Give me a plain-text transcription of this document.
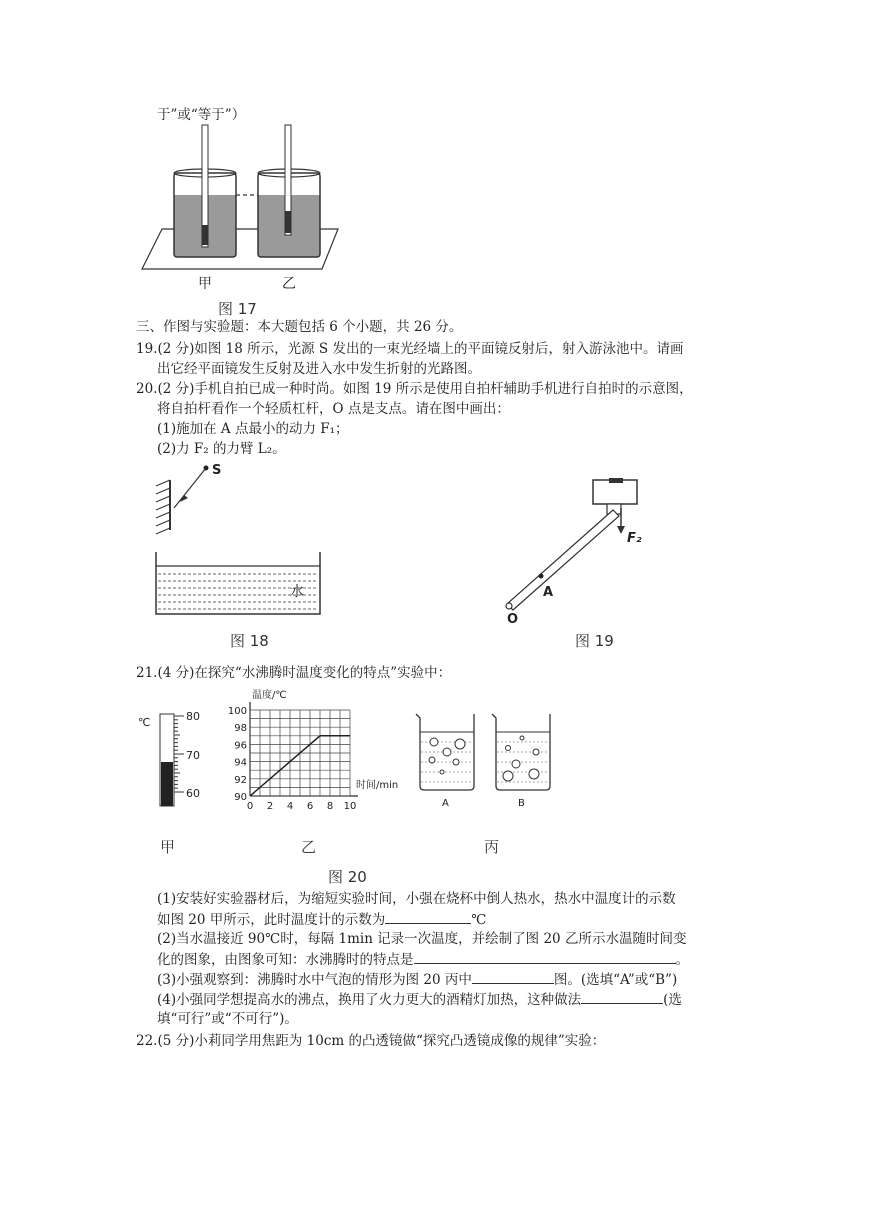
于”或“等于”）
甲	乙
图 17
三、作图与实验题：本大题包括 6 个小题，共 26 分。
19.(2 分)如图 18 所示，光源 S 发出的一束光经墙上的平面镜反射后，射入游泳池中。请画
出它经平面镜发生反射及进入水中发生折射的光路图。
20.(2 分)手机自拍已成一种时尚。如图 19 所示是使用自拍杆辅助手机进行自拍时的示意图，
将自拍杆看作一个轻质杠杆，O 点是支点。请在图中画出：
(1)施加在 A 点最小的动力 F₁；
(2)力 F₂ 的力臂 L₂。
S
水
图 18
F₂
A
O
图 19
21.(4 分)在探究“水沸腾时温度变化的特点”实验中：
℃	80
70
60
温度/℃
时间/min
100
98
96
94
92
90
0 2 4 6 8 10	A	B
甲	乙	丙
图 20
(1)安装好实验器材后，为缩短实验时间，小强在烧杯中倒人热水，热水中温度计的示数
如图 20 甲所示，此时温度计的示数为	℃
(2)当水温接近 90℃时，每隔 1min 记录一次温度，并绘制了图 20 乙所示水温随时间变
化的图象，由图象可知：水沸腾时的特点是	。
(3)小强观察到：沸腾时水中气泡的情形为图 20 丙中	图。(选填“A”或“B”)
(4)小强同学想提高水的沸点，换用了火力更大的酒精灯加热，这种做法	(选
填“可行”或“不可行”)。
22.(5 分)小莉同学用焦距为 10cm 的凸透镜做“探究凸透镜成像的规律”实验：
